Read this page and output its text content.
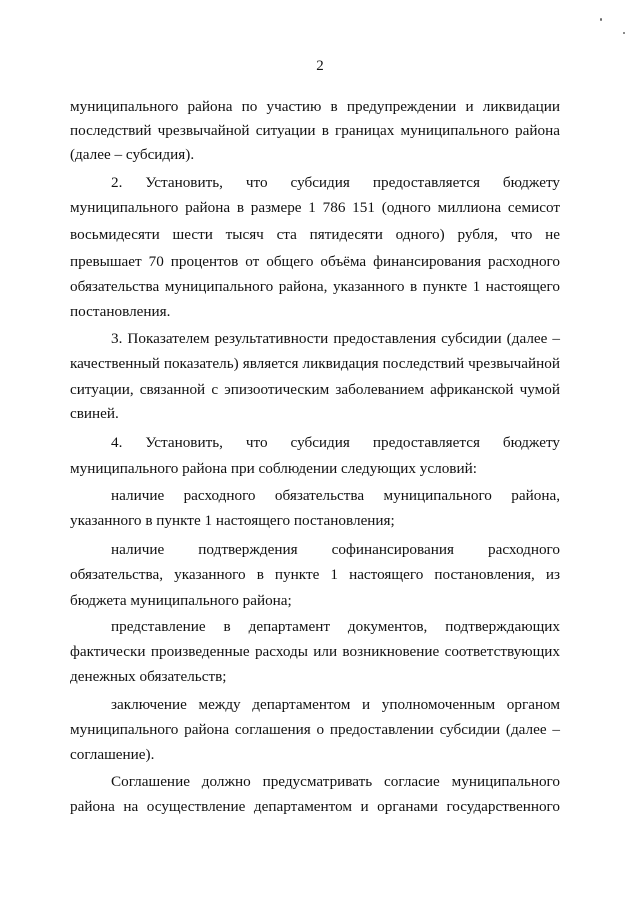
2
муниципального района по участию в предупреждении и ликвидации
последствий чрезвычайной ситуации в границах муниципального района
(далее – субсидия).
2. Установить, что субсидия предоставляется бюджету
муниципального района в размере 1 786 151 (одного миллиона семисот
восьмидесяти шести тысяч ста пятидесяти одного) рубля, что не
превышает 70 процентов от общего объёма финансирования расходного
обязательства муниципального района, указанного в пункте 1 настоящего
постановления.
3. Показателем результативности предоставления субсидии (далее –
качественный показатель) является ликвидация последствий чрезвычайной
ситуации, связанной с эпизоотическим заболеванием африканской чумой
свиней.
4. Установить, что субсидия предоставляется бюджету
муниципального района при соблюдении следующих условий:
наличие расходного обязательства муниципального района,
указанного в пункте 1 настоящего постановления;
наличие подтверждения софинансирования расходного
обязательства, указанного в пункте 1 настоящего постановления, из
бюджета муниципального района;
представление в департамент документов, подтверждающих
фактически произведенные расходы или возникновение соответствующих
денежных обязательств;
заключение между департаментом и уполномоченным органом
муниципального района соглашения о предоставлении субсидии (далее –
соглашение).
Соглашение должно предусматривать согласие муниципального
района на осуществление департаментом и органами государственного
